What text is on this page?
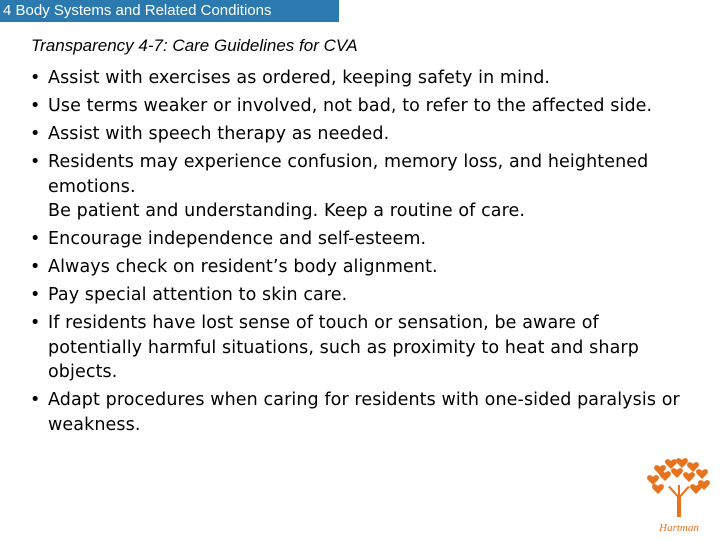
4 Body Systems and Related Conditions
Transparency 4-7: Care Guidelines for CVA
• Assist with exercises as ordered, keeping safety in mind.
• Use terms weaker or involved, not bad, to refer to the affected side.
• Assist with speech therapy as needed.
• Residents may experience confusion, memory loss, and heightened emotions.
Be patient and understanding. Keep a routine of care.
• Encourage independence and self-esteem.
• Always check on resident’s body alignment.
• Pay special attention to skin care.
• If residents have lost sense of touch or sensation, be aware of potentially harmful situations, such as proximity to heat and sharp objects.
• Adapt procedures when caring for residents with one-sided paralysis or weakness.
Hartman
